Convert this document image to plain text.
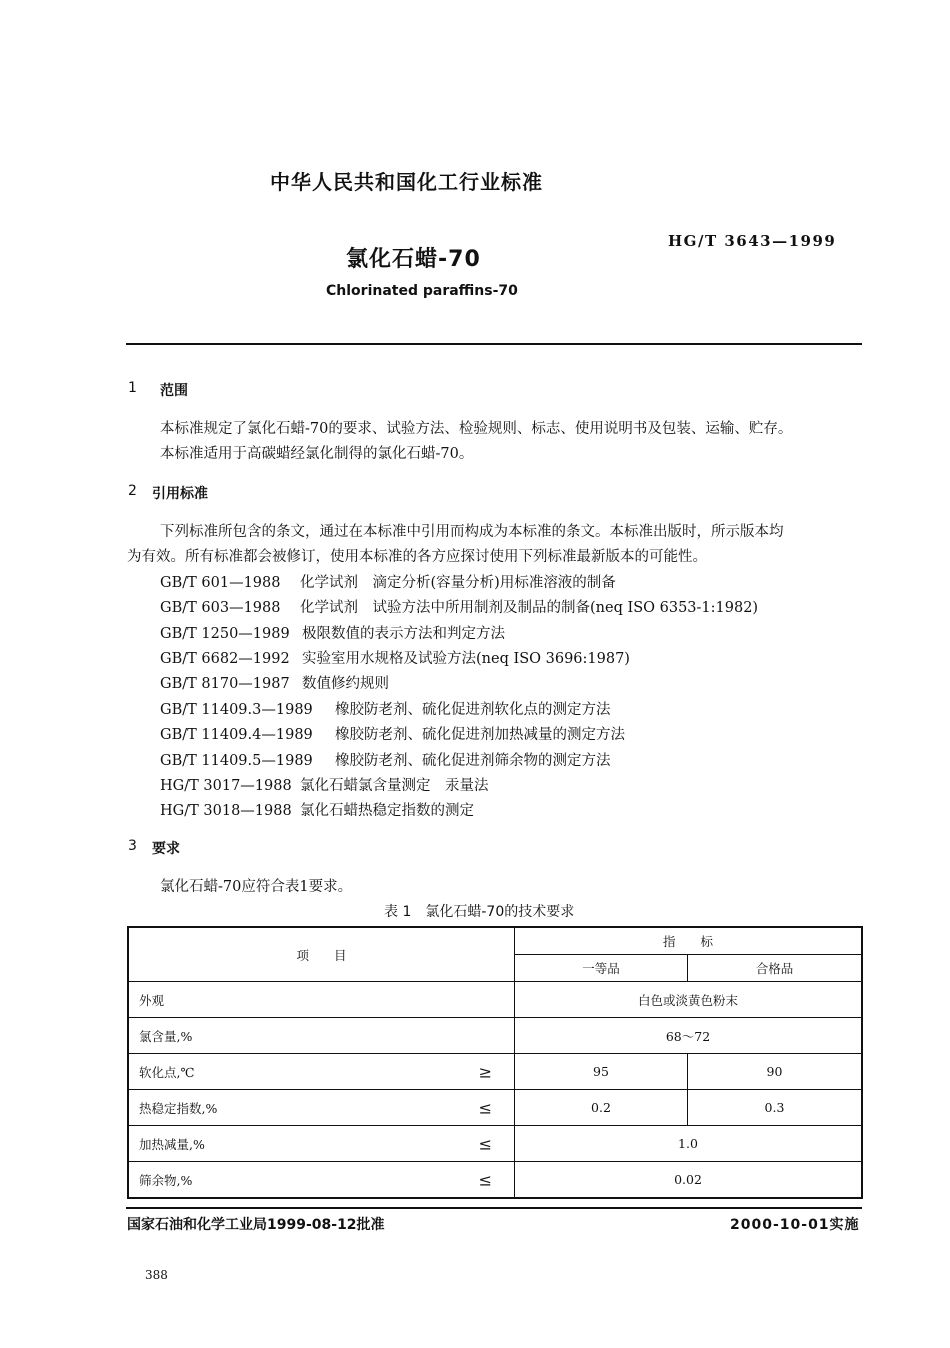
中华人民共和国化工行业标准
HG/T 3643—1999
氯化石蜡-70
Chlorinated paraffins-70
1 范围
本标准规定了氯化石蜡-70的要求、试验方法、检验规则、标志、使用说明书及包装、运输、贮存。
本标准适用于高碳蜡经氯化制得的氯化石蜡-70。
2 引用标准
下列标准所包含的条文，通过在本标准中引用而构成为本标准的条文。本标准出版时，所示版本均
为有效。所有标准都会被修订，使用本标准的各方应探讨使用下列标准最新版本的可能性。
GB/T 601—1988 化学试剂　滴定分析(容量分析)用标准溶液的制备
GB/T 603—1988 化学试剂　试验方法中所用制剂及制品的制备(neq ISO 6353-1:1982)
GB/T 1250—1989 极限数值的表示方法和判定方法
GB/T 6682—1992 实验室用水规格及试验方法(neq ISO 3696:1987)
GB/T 8170—1987 数值修约规则
GB/T 11409.3—1989 橡胶防老剂、硫化促进剂软化点的测定方法
GB/T 11409.4—1989 橡胶防老剂、硫化促进剂加热减量的测定方法
GB/T 11409.5—1989 橡胶防老剂、硫化促进剂筛余物的测定方法
HG/T 3017—1988 氯化石蜡氯含量测定　汞量法
HG/T 3018—1988 氯化石蜡热稳定指数的测定
3 要求
氯化石蜡-70应符合表1要求。
表 1　氯化石蜡-70的技术要求
项　　目	指　　标	
	一等品	合格品
外观	白色或淡黄色粉末	
氯含量,%	68～72	
软化点,℃ ≥	95	90
热稳定指数,% ≤	0.2	0.3
加热减量,% ≤	1.0	
筛余物,% ≤	0.02	
国家石油和化学工业局1999-08-12批准	2000-10-01实施
388
